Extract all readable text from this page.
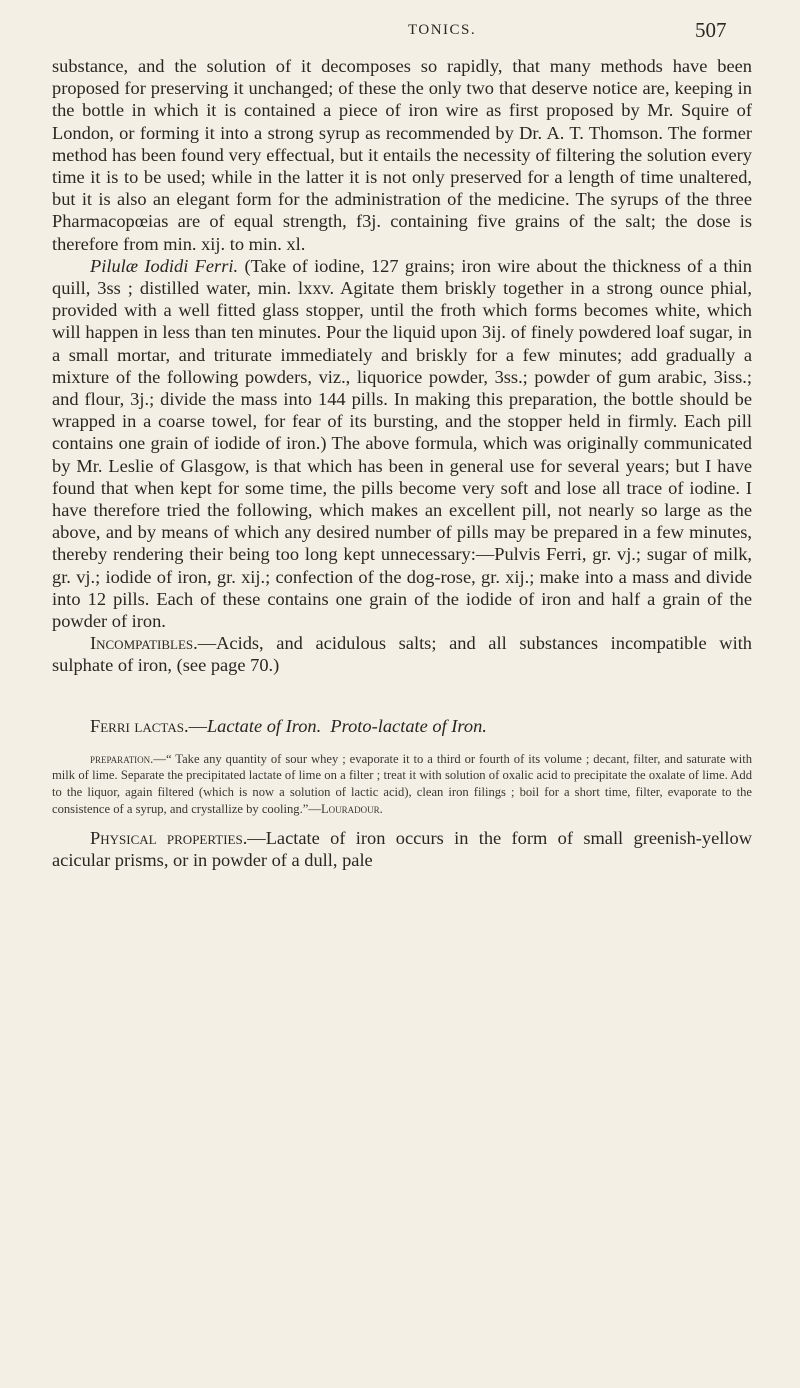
TONICS.	507

substance, and the solution of it decomposes so rapidly, that many methods have been proposed for preserving it unchanged; of these the only two that deserve notice are, keeping in the bottle in which it is contained a piece of iron wire as first proposed by Mr. Squire of London, or forming it into a strong syrup as recommended by Dr. A. T. Thomson. The former method has been found very effectual, but it entails the necessity of filtering the solution every time it is to be used; while in the latter it is not only preserved for a length of time unaltered, but it is also an elegant form for the administration of the medicine. The syrups of the three Pharmacopœias are of equal strength, f3j. containing five grains of the salt; the dose is therefore from min. xij. to min. xl.

Pilulæ Iodidi Ferri. (Take of iodine, 127 grains; iron wire about the thickness of a thin quill, 3ss ; distilled water, min. lxxv. Agitate them briskly together in a strong ounce phial, provided with a well fitted glass stopper, until the froth which forms becomes white, which will happen in less than ten minutes. Pour the liquid upon 3ij. of finely powdered loaf sugar, in a small mortar, and triturate immediately and briskly for a few minutes; add gradually a mixture of the following powders, viz., liquorice powder, 3ss.; powder of gum arabic, 3iss.; and flour, 3j.; divide the mass into 144 pills. In making this preparation, the bottle should be wrapped in a coarse towel, for fear of its bursting, and the stopper held in firmly. Each pill contains one grain of iodide of iron.) The above formula, which was originally communicated by Mr. Leslie of Glasgow, is that which has been in general use for several years; but I have found that when kept for some time, the pills become very soft and lose all trace of iodine. I have therefore tried the following, which makes an excellent pill, not nearly so large as the above, and by means of which any desired number of pills may be prepared in a few minutes, thereby rendering their being too long kept unnecessary:—Pulvis Ferri, gr. vj.; sugar of milk, gr. vj.; iodide of iron, gr. xij.; confection of the dog-rose, gr. xij.; make into a mass and divide into 12 pills. Each of these contains one grain of the iodide of iron and half a grain of the powder of iron.

Incompatibles.—Acids, and acidulous salts; and all substances incompatible with sulphate of iron, (see page 70.)

Ferri lactas.—Lactate of Iron. Proto-lactate of Iron.

preparation.—“ Take any quantity of sour whey ; evaporate it to a third or fourth of its volume ; decant, filter, and saturate with milk of lime. Separate the precipitated lactate of lime on a filter ; treat it with solution of oxalic acid to precipitate the oxalate of lime. Add to the liquor, again filtered (which is now a solution of lactic acid), clean iron filings ; boil for a short time, filter, evaporate to the consistence of a syrup, and crystallize by cooling.”—Louradour.

Physical properties.—Lactate of iron occurs in the form of small greenish-yellow acicular prisms, or in powder of a dull, pale
